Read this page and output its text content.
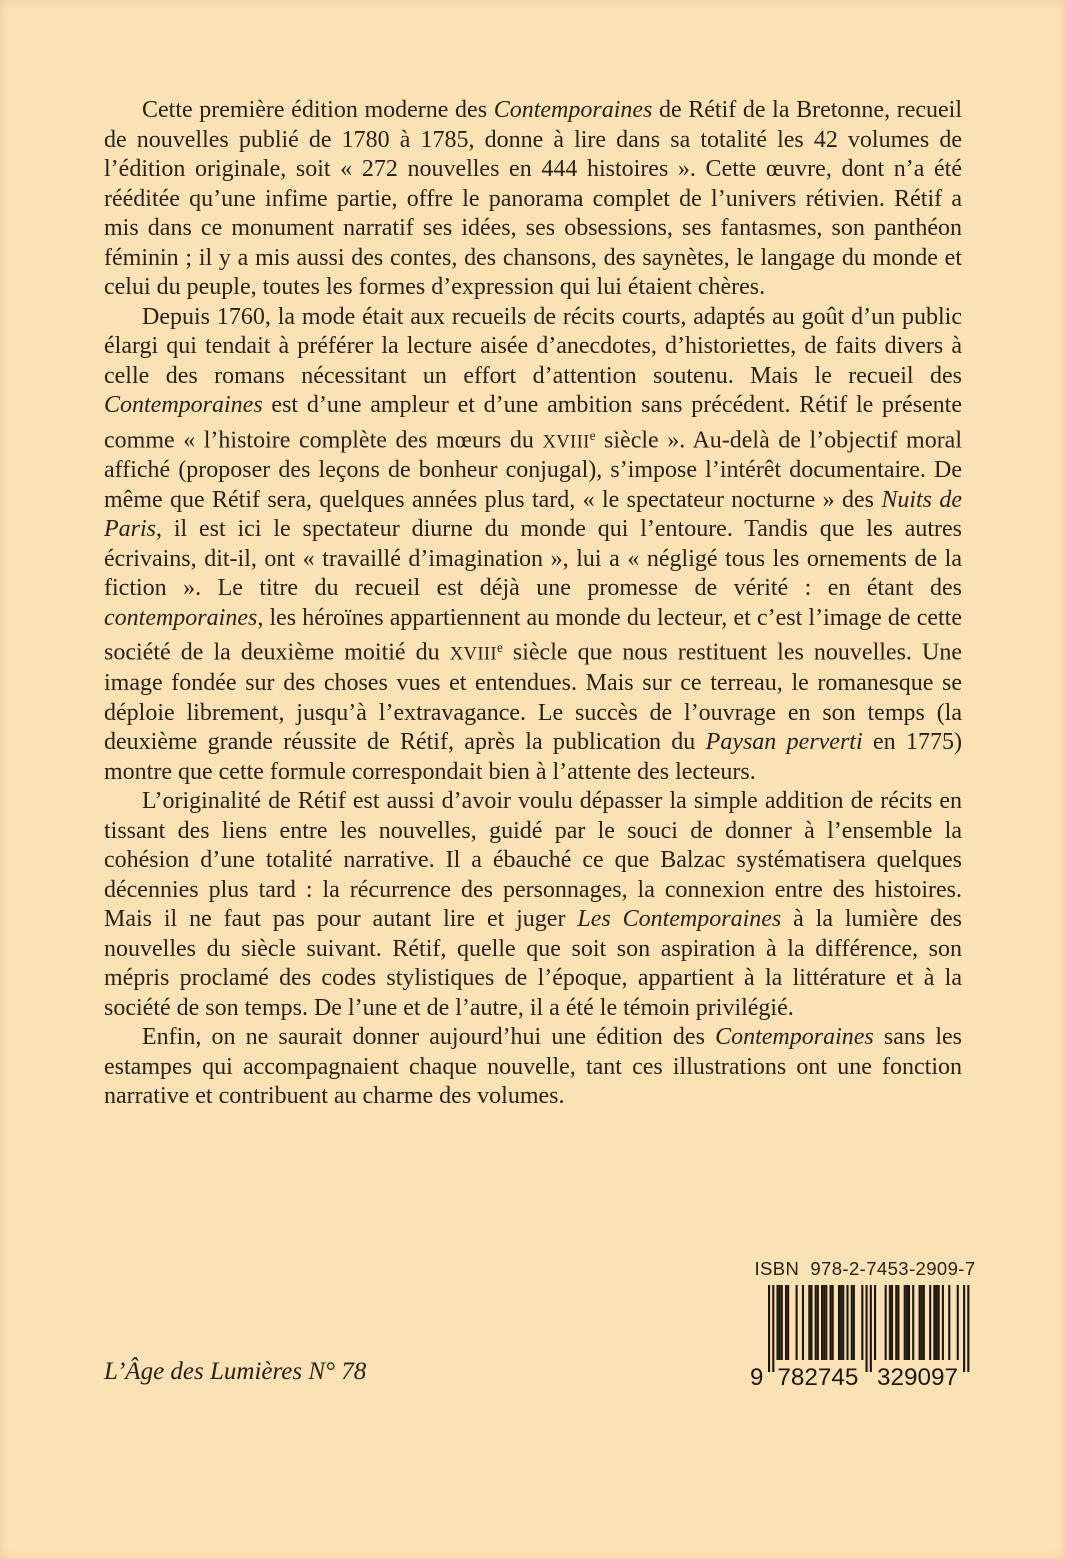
Cette première édition moderne des Contemporaines de Rétif de la Bretonne, recueil de nouvelles publié de 1780 à 1785, donne à lire dans sa totalité les 42 volumes de l’édition originale, soit « 272 nouvelles en 444 histoires ». Cette œuvre, dont n’a été rééditée qu’une infime partie, offre le panorama complet de l’univers rétivien. Rétif a mis dans ce monument narratif ses idées, ses obsessions, ses fantasmes, son panthéon féminin ; il y a mis aussi des contes, des chansons, des saynètes, le langage du monde et celui du peuple, toutes les formes d’expression qui lui étaient chères.

Depuis 1760, la mode était aux recueils de récits courts, adaptés au goût d’un public élargi qui tendait à préférer la lecture aisée d’anecdotes, d’historiettes, de faits divers à celle des romans nécessitant un effort d’attention soutenu. Mais le recueil des Contemporaines est d’une ampleur et d’une ambition sans précédent. Rétif le présente comme « l’histoire complète des mœurs du XVIIIe siècle ». Au-delà de l’objectif moral affiché (proposer des leçons de bonheur conjugal), s’impose l’intérêt documentaire. De même que Rétif sera, quelques années plus tard, « le spectateur nocturne » des Nuits de Paris, il est ici le spectateur diurne du monde qui l’entoure. Tandis que les autres écrivains, dit-il, ont « travaillé d’imagination », lui a « négligé tous les ornements de la fiction ». Le titre du recueil est déjà une promesse de vérité : en étant des contemporaines, les héroïnes appartiennent au monde du lecteur, et c’est l’image de cette société de la deuxième moitié du XVIIIe siècle que nous restituent les nouvelles. Une image fondée sur des choses vues et entendues. Mais sur ce terreau, le romanesque se déploie librement, jusqu’à l’extravagance. Le succès de l’ouvrage en son temps (la deuxième grande réussite de Rétif, après la publication du Paysan perverti en 1775) montre que cette formule correspondait bien à l’attente des lecteurs.

L’originalité de Rétif est aussi d’avoir voulu dépasser la simple addition de récits en tissant des liens entre les nouvelles, guidé par le souci de donner à l’ensemble la cohésion d’une totalité narrative. Il a ébauché ce que Balzac systématisera quelques décennies plus tard : la récurrence des personnages, la connexion entre des histoires. Mais il ne faut pas pour autant lire et juger Les Contemporaines à la lumière des nouvelles du siècle suivant. Rétif, quelle que soit son aspiration à la différence, son mépris proclamé des codes stylistiques de l’époque, appartient à la littérature et à la société de son temps. De l’une et de l’autre, il a été le témoin privilégié.

Enfin, on ne saurait donner aujourd’hui une édition des Contemporaines sans les estampes qui accompagnaient chaque nouvelle, tant ces illustrations ont une fonction narrative et contribuent au charme des volumes.

L’Âge des Lumières N° 78
ISBN  978-2-7453-2909-7
9 782745 329097
